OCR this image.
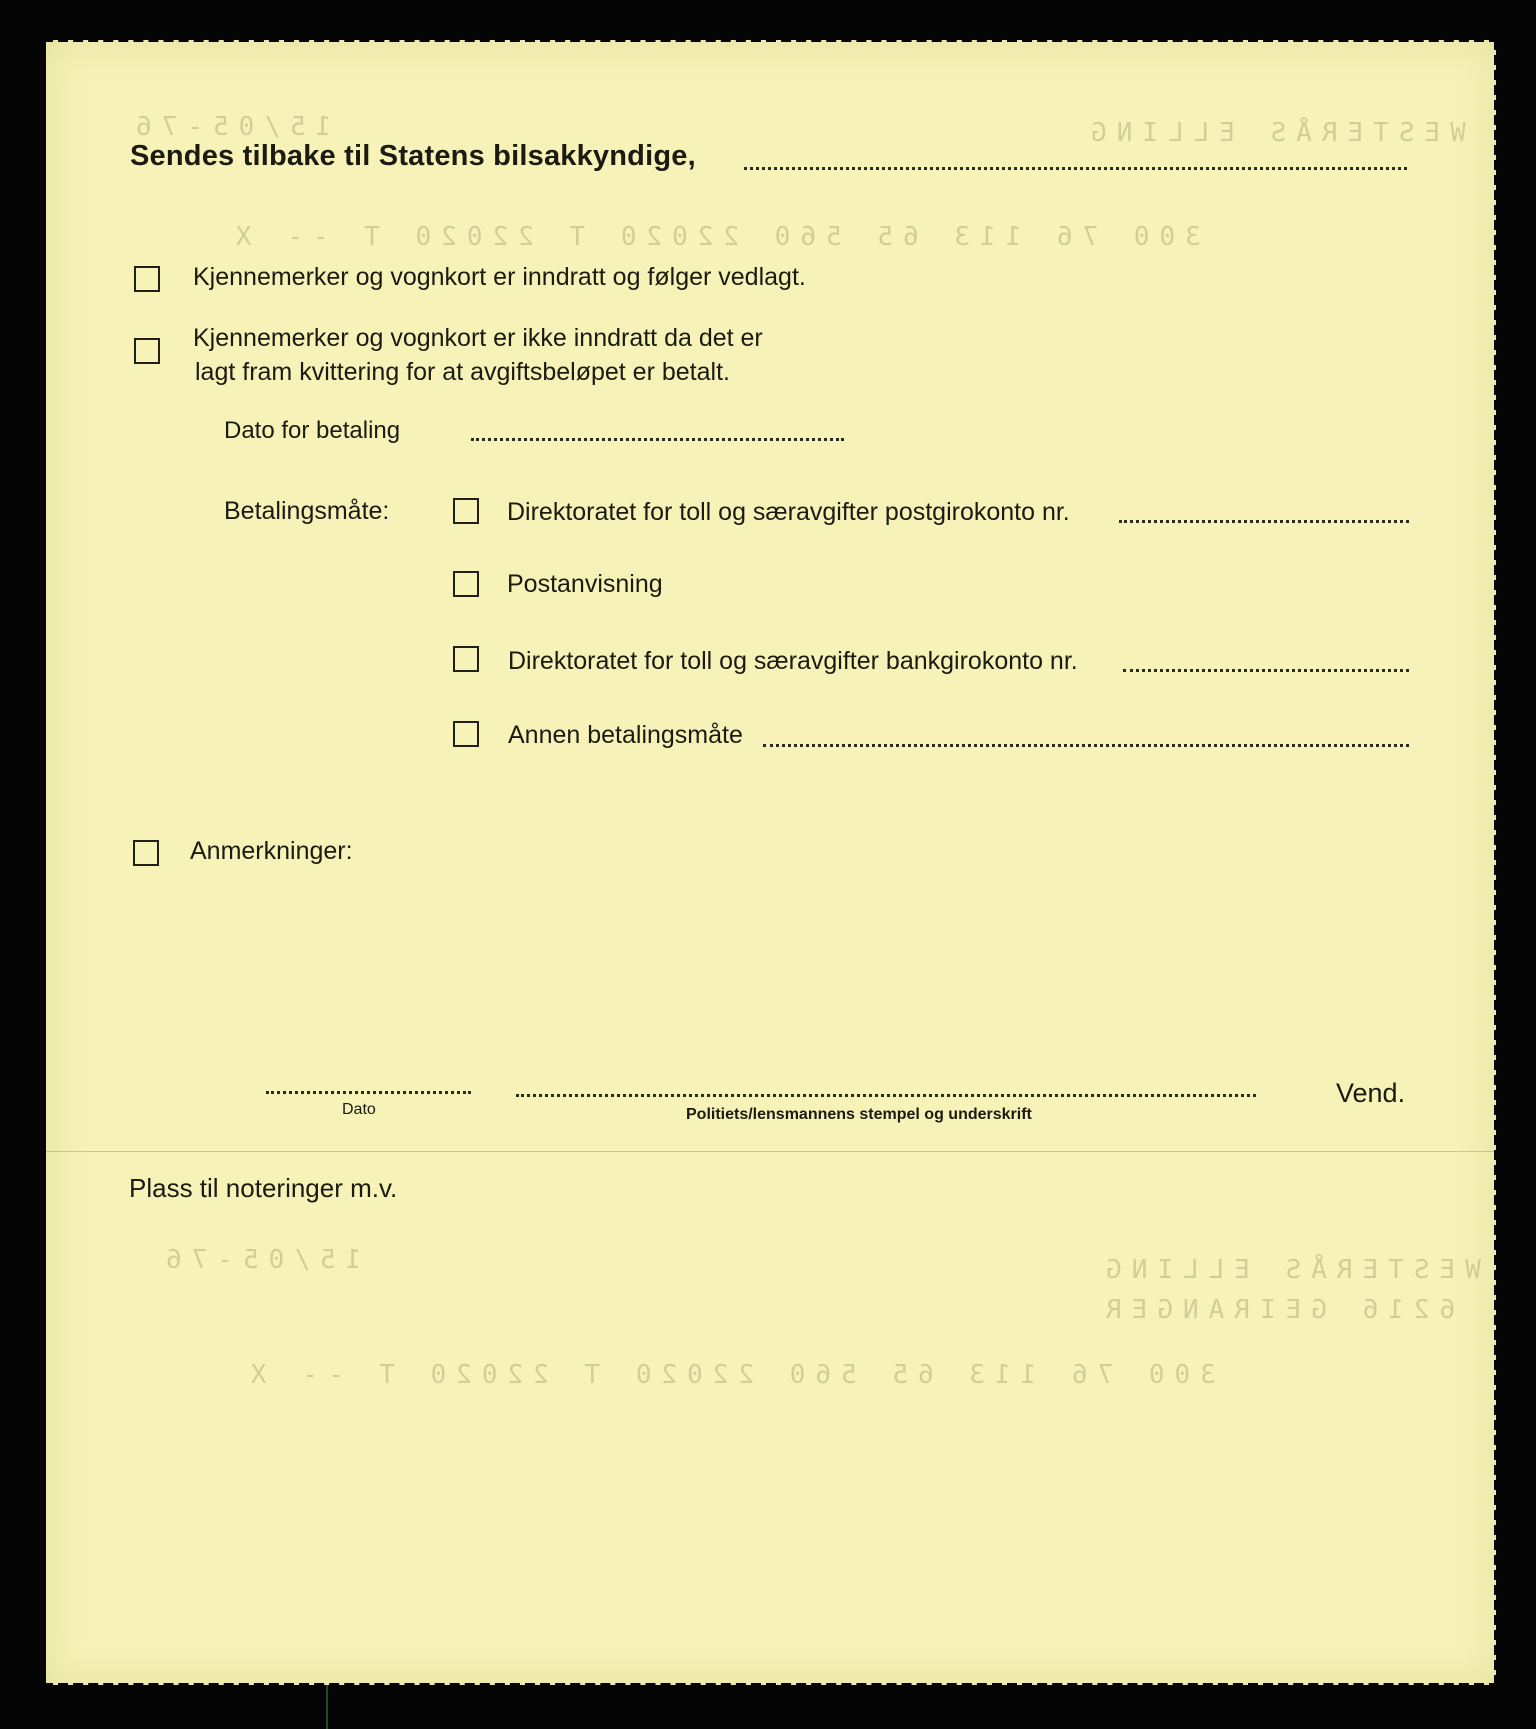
WESTERÅS ELLING
15/05-76
300 76 113 65 560 22020 T 22020 T -- X
WESTERÅS ELLING
6216 GEIRANGER
15/05-76
300 76 113 65 560 22020 T 22020 T -- X
Sendes tilbake til Statens bilsakkyndige,
Kjennemerker og vognkort er inndratt og følger vedlagt.
Kjennemerker og vognkort er ikke inndratt da det er
lagt fram kvittering for at avgiftsbeløpet er betalt.
Dato for betaling
Betalingsmåte:	Direktoratet for toll og særavgifter postgirokonto nr.
Postanvisning
Direktoratet for toll og særavgifter bankgirokonto nr.
Annen betalingsmåte
Anmerkninger:
Dato	Politiets/lensmannens stempel og underskrift
Vend.
Plass til noteringer m.v.
